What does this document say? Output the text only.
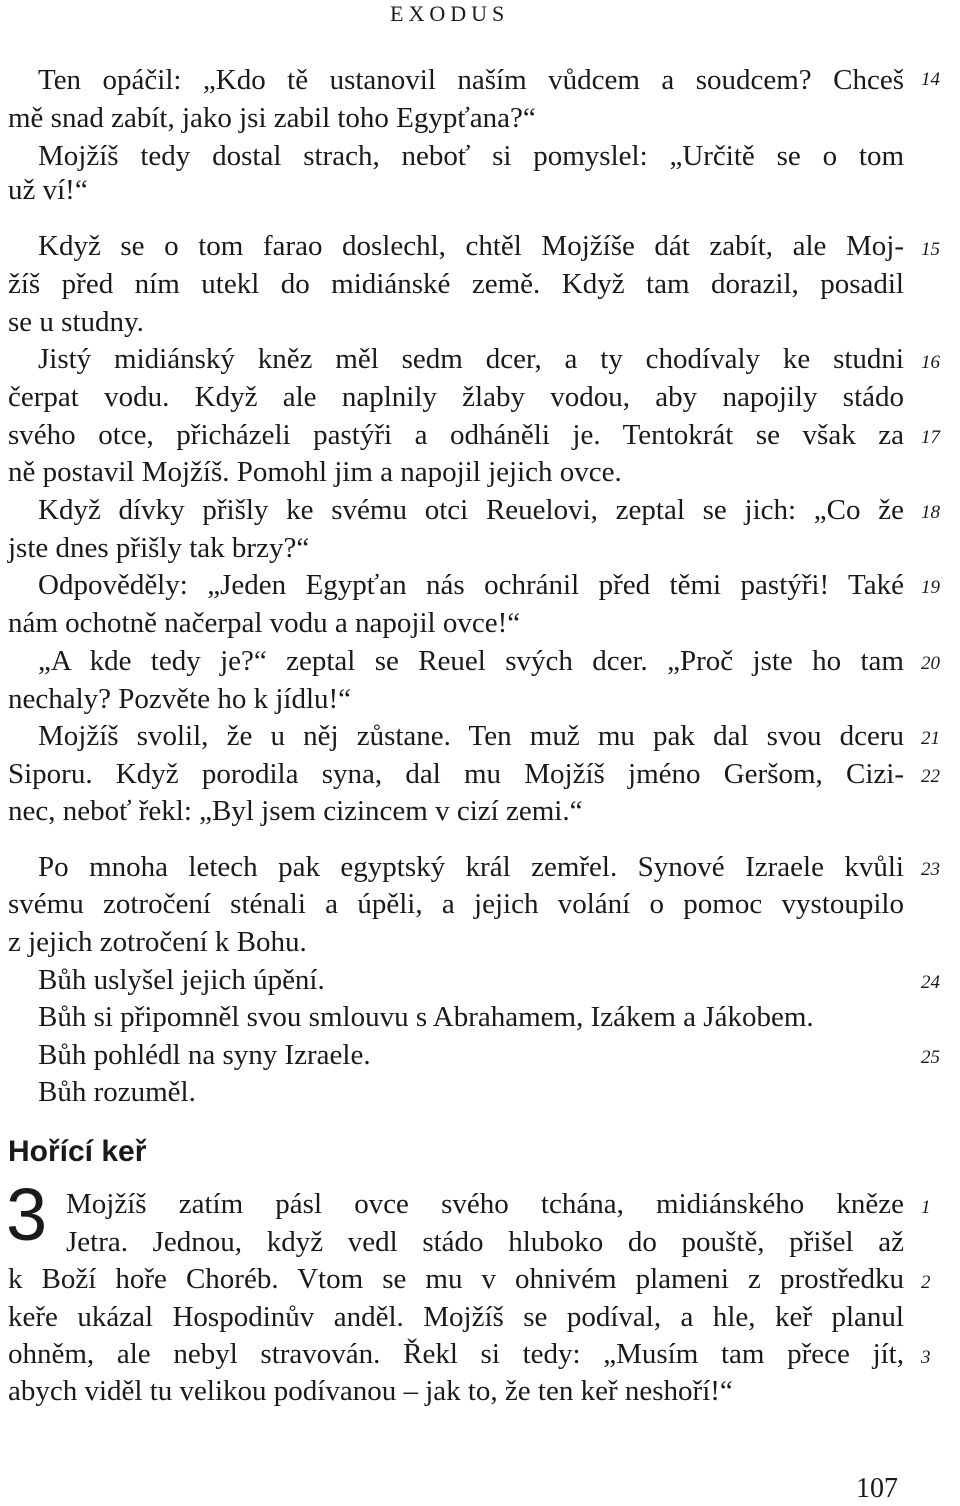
EXODUS
Ten opáčil: „Kdo tě ustanovil naším vůdcem a soudcem? Chceš
mě snad zabít, jako jsi zabil toho Egypťana?“
Mojžíš tedy dostal strach, neboť si pomyslel: „Určitě se o tom
už ví!“
Když se o tom farao doslechl, chtěl Mojžíše dát zabít, ale Moj-
žíš před ním utekl do midiánské země. Když tam dorazil, posadil
se u studny.
Jistý midiánský kněz měl sedm dcer, a ty chodívaly ke studni
čerpat vodu. Když ale naplnily žlaby vodou, aby napojily stádo
svého otce, přicházeli pastýři a odháněli je. Tentokrát se však za
ně postavil Mojžíš. Pomohl jim a napojil jejich ovce.
Když dívky přišly ke svému otci Reuelovi, zeptal se jich: „Co že
jste dnes přišly tak brzy?“
Odpověděly: „Jeden Egypťan nás ochránil před těmi pastýři! Také
nám ochotně načerpal vodu a napojil ovce!“
„A kde tedy je?“ zeptal se Reuel svých dcer. „Proč jste ho tam
nechaly? Pozvěte ho k jídlu!“
Mojžíš svolil, že u něj zůstane. Ten muž mu pak dal svou dceru
Siporu. Když porodila syna, dal mu Mojžíš jméno Geršom, Cizi-
nec, neboť řekl: „Byl jsem cizincem v cizí zemi.“
Po mnoha letech pak egyptský král zemřel. Synové Izraele kvůli
svému zotročení sténali a úpěli, a jejich volání o pomoc vystoupilo
z jejich zotročení k Bohu.
Bůh uslyšel jejich úpění.
Bůh si připomněl svou smlouvu s Abrahamem, Izákem a Jákobem.
Bůh pohlédl na syny Izraele.
Bůh rozuměl.
Hořící keř
3 Mojžíš zatím pásl ovce svého tchána, midiánského kněze
Jetra. Jednou, když vedl stádo hluboko do pouště, přišel až
k Boží hoře Choréb. Vtom se mu v ohnivém plameni z prostředku
keře ukázal Hospodinův anděl. Mojžíš se podíval, a hle, keř planul
ohněm, ale nebyl stravován. Řekl si tedy: „Musím tam přece jít,
abych viděl tu velikou podívanou – jak to, že ten keř neshoří!“
14
15
16
17
18
19
20
21
22
23
24
25
1
2
3
107
